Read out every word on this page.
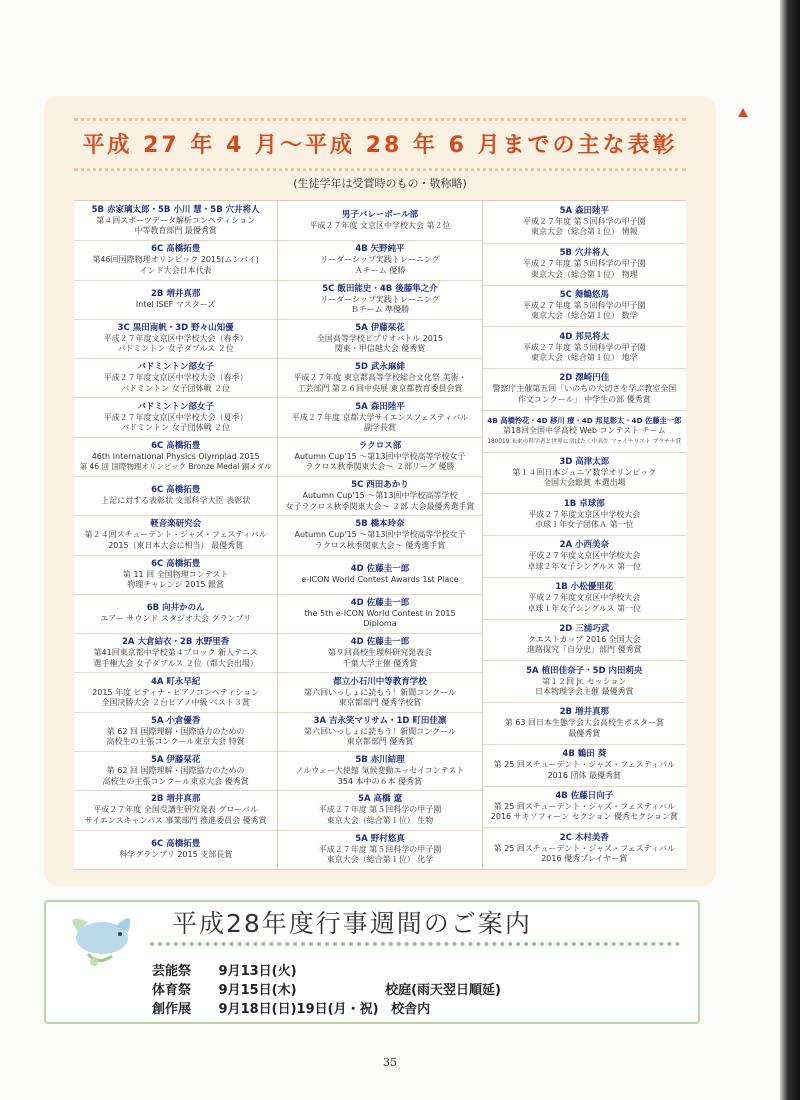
平成 27 年 4 月～平成 28 年 6 月までの主な表彰
(生徒学年は受賞時のもの・敬称略)
5B 赤家璃太郎・5B 小川 慧・5B 穴井将人
第４回スポーツデータ解析コンペティション
中等教育部門 最優秀賞
6C 髙橋拓豊
第46回国際物理オリンピック 2015(ムンバイ)
インド大会日本代表
2B 増井真那
Intel ISEF マスターズ
3C 黒田南帆・3D 野々山知優
平成２７年度文京区中学校大会（春季）
バドミントン 女子ダブルス ２位
バドミントン部女子
平成２７年度文京区中学校大会（春季）
バドミントン 女子団体戦 ２位
バドミントン部女子
平成２７年度文京区中学校大会（夏季）
バドミントン 女子団体戦 ２位
6C 髙橋拓豊
46th International Physics Olympiad 2015
第 46 回 国際物理オリンピック Bronze Medal 銅メダル
6C 髙橋拓豊
上記に対する表彰状 文部科学大臣 表彰状
軽音楽研究会
第２４回スチューデント・ジャズ・フェスティバル
2015（東日本大会に相当） 最優秀賞
6C 髙橋拓豊
第 11 回 全国物理コンテスト
物理チャレンジ 2015 銀賞
6B 向井かのん
エアー サウンド スタジオ大会 グランプリ
2A 大倉結衣・2B 水野里香
第41回東京都中学校第４ブロック 新人テニス
選手権大会 女子ダブルス ２位（都大会出場）
4A 町永早紀
2015 年度 ピティナ・ピアノコンペティション
全国決勝大会 ２台ピアノ中級 ベスト３賞
5A 小倉優香
第 62 回 国際理解・国際協力のための
高校生の主張コンクール東京大会 特賞
5A 伊藤栞花
第 62 回 国際理解・国際協力のための
高校生の主張コンクール東京大会 優秀賞
2B 増井真那
平成２７年度 全国受講生研究発表 グローバル
サイエンスキャンパス 事業部門 推進委員会 優秀賞
6C 髙橋拓豊
科学グランプリ 2015 支部長賞
男子バレーボール部
平成２７年度 文京区中学校大会 第２位
4B 矢野純平
リーダーシップ実践トレーニング
Ａチーム 優勝
5C 飯田能史・4B 後藤隼之介
リーダーシップ実践トレーニング
Ｂチーム 準優勝
5A 伊藤栞花
全国高等学校ビブリオバトル 2015
関東・甲信越大会 優秀賞
5D 武永麻緋
平成２７年度 東京都高等学校総合文化祭 美術・
工芸部門 第２６回中央展 東京都教育委員会賞
5A 森田陸平
平成２７年度 京都大学サイエンスフェスティバル
副学長賞
ラクロス部
Autumn Cup'15 ～第13回中学校高等学校女子
ラクロス秋季関東大会～ ２部リーグ 優勝
5C 西田あかり
Autumn Cup'15 ～第13回中学校高等学校
女子ラクロス秋季関東大会～ ２部 大会最優秀選手賞
5B 橋本玲奈
Autumn Cup'15 ～第13回中学校高等学校女子
ラクロス秋季関東大会～ 優秀選手賞
4D 佐藤圭一郎
e-ICON World Contest Awards 1st Place
4D 佐藤圭一郎
the 5th e-ICON World Contest in 2015
Diploma
4D 佐藤圭一郎
第９回高校生理科研究発表会
千葉大学主催 優秀賞
都立小石川中等教育学校
第六回いっしょに読もう！新聞コンクール
東京都部門 優秀学校賞
3A 吉永笑マリサム・1D 町田佳凛
第六回いっしょに読もう！新聞コンクール
東京都部門 優秀賞
5B 赤川結理
ノルウェー大使館 気候変動エッセイコンテスト
354 本中の６本 優秀賞
5A 高橋 遼
平成２７年度 第５回科学の甲子園
東京大会（総合第１位） 生物
5A 野村悠真
平成２７年度 第５回科学の甲子園
東京大会（総合第１位） 化学
5A 森田陸平
平成２７年度 第５回科学の甲子園
東京大会（総合第１位） 情報
5B 穴井将人
平成２７年度 第５回科学の甲子園
東京大会（総合第１位） 物理
5C 舞鶴悠馬
平成２７年度 第５回科学の甲子園
東京大会（総合第１位） 数学
4D 邦見将太
平成２７年度 第５回科学の甲子園
東京大会（総合第１位） 地学
2D 澤崎円佳
警察庁主催第五回「いのちの大切さを学ぶ教室全国
作文コンクール」 中学生の部 優秀賞
4B 高橋怜花・4D 移川 療・4D 邦見彰太・4D 佐藤圭一郎
第18回全国中学高校 Web コンテスト チーム
180019 未来の科学者と世界に羽ばたく中高生 ファイナリスト プラチナ賞
3D 高津太郎
第１４回日本ジュニア数学オリンピック
全国大会銀賞 本選出場
1B 卓球部
平成２７年度文京区中学校大会
卓球１年女子団体Ａ 第一位
2A 小西美奈
平成２７年度文京区中学校大会
卓球２年女子シングルス 第一位
1B 小松優里花
平成２７年度文京区中学校大会
卓球１年女子シングルス 第一位
2D 三浦巧武
クエストカップ 2016 全国大会
進路探究「自分史」部門 優秀賞
5A 植田佳奈子・5D 内田莉央
第１２回 Jr. セッション
日本物理学会主催 最優秀賞
2B 増井真那
第 63 回日本生態学会大会高校生ポスター賞
最優秀賞
4B 鶴田 葵
第 25 回スチューデント・ジャズ・フェスティバル
2016 団体 最優秀賞
4B 佐藤日向子
第 25 回スチューデント・ジャズ・フェスティバル
2016 サキソフォーン セクション 優秀セクション賞
2C 木村美香
第 25 回スチューデント・ジャズ・フェスティバル
2016 優秀プレイヤー賞
平成28年度行事週間のご案内
芸能祭 9月13日(火)
体育祭 9月15日(木)	校庭(雨天翌日順延)
創作展 9月18日(日)19日(月・祝) 校舎内
35
